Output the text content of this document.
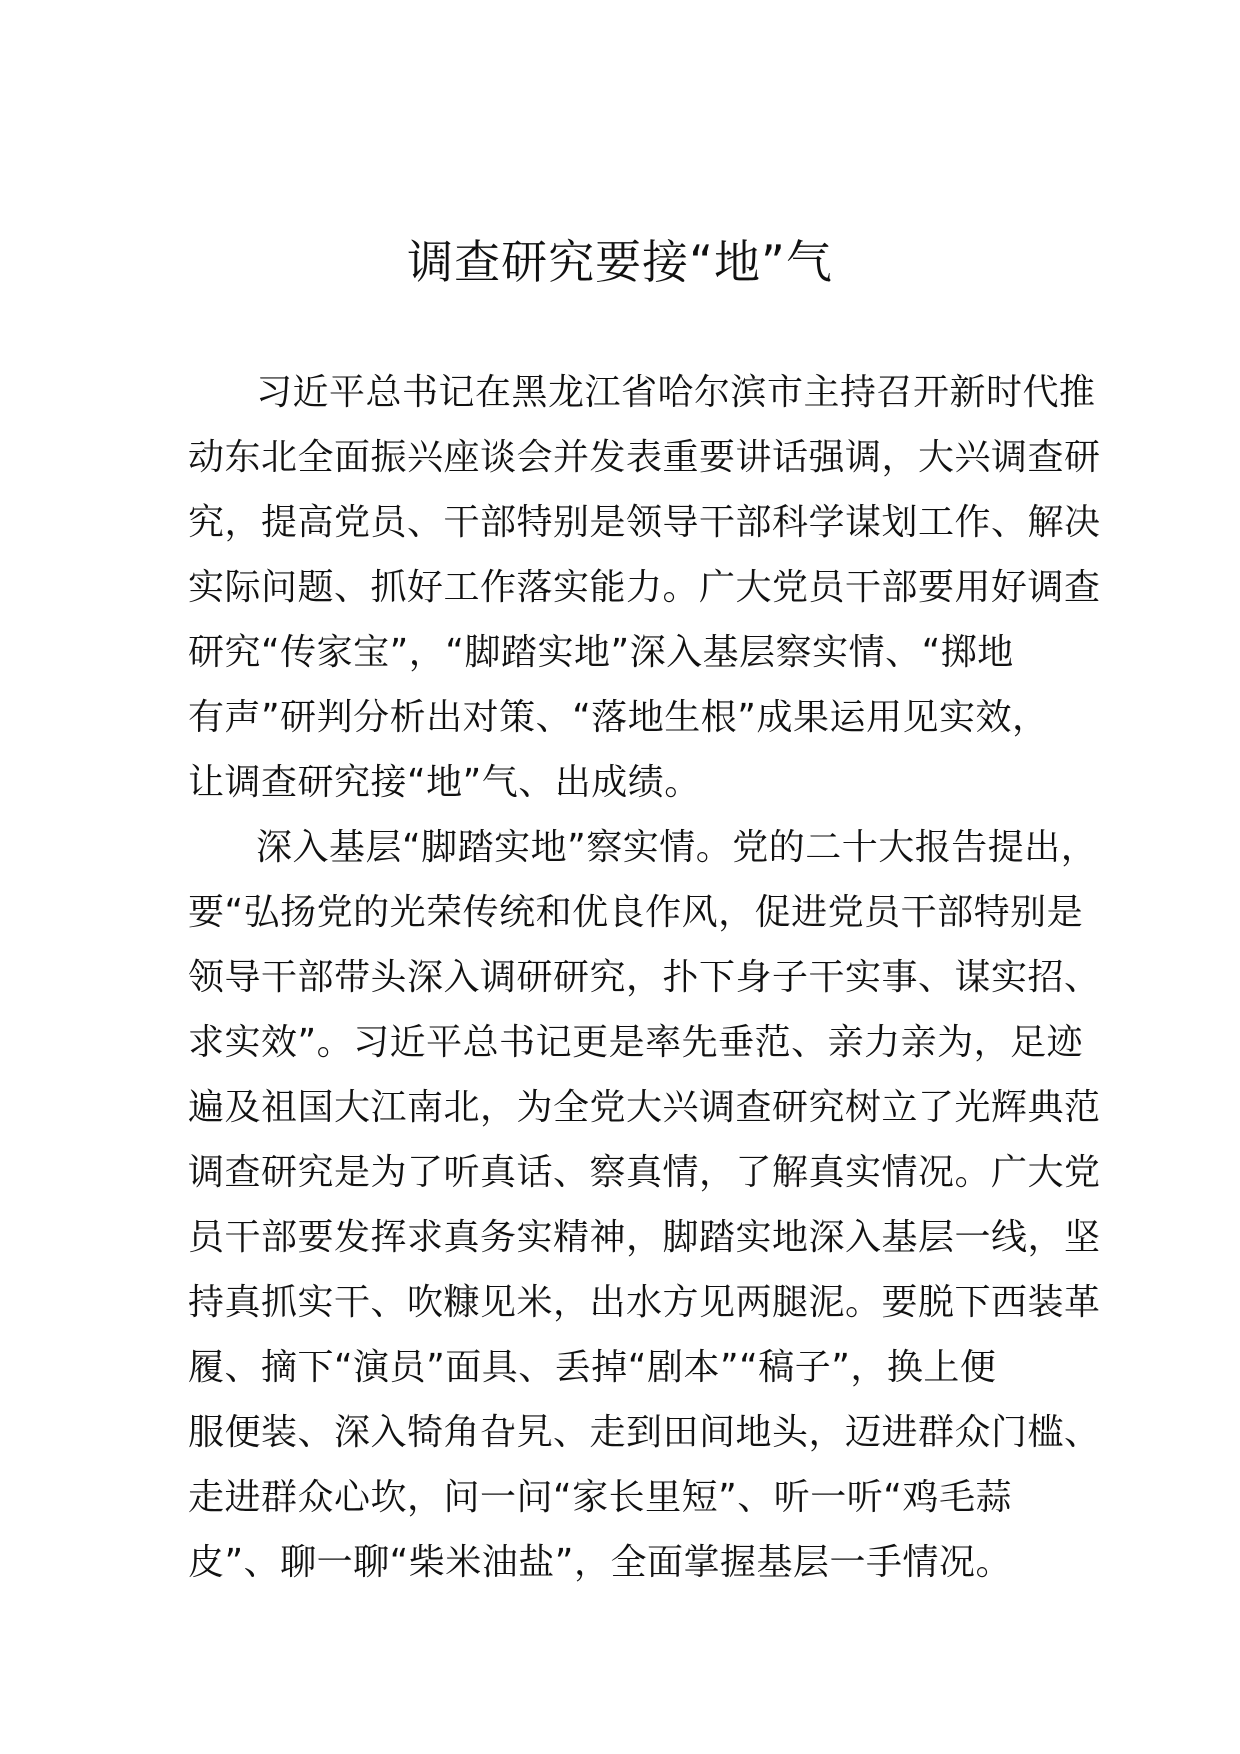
调查研究要接“地”气
习近平总书记在黑龙江省哈尔滨市主持召开新时代推
动东北全面振兴座谈会并发表重要讲话强调，大兴调查研
究，提高党员、干部特别是领导干部科学谋划工作、解决
实际问题、抓好工作落实能力。广大党员干部要用好调查
研究“传家宝”，“脚踏实地”深入基层察实情、“掷地
有声”研判分析出对策、“落地生根”成果运用见实效，
让调查研究接“地”气、出成绩。
深入基层“脚踏实地”察实情。党的二十大报告提出，
要“弘扬党的光荣传统和优良作风，促进党员干部特别是
领导干部带头深入调研研究，扑下身子干实事、谋实招、
求实效”。习近平总书记更是率先垂范、亲力亲为，足迹
遍及祖国大江南北，为全党大兴调查研究树立了光辉典范
调查研究是为了听真话、察真情，了解真实情况。广大党
员干部要发挥求真务实精神，脚踏实地深入基层一线，坚
持真抓实干、吹糠见米，出水方见两腿泥。要脱下西装革
履、摘下“演员”面具、丢掉“剧本”“稿子”，换上便
服便装、深入犄角旮旯、走到田间地头，迈进群众门槛、
走进群众心坎，问一问“家长里短”、听一听“鸡毛蒜
皮”、聊一聊“柴米油盐”，全面掌握基层一手情况。
